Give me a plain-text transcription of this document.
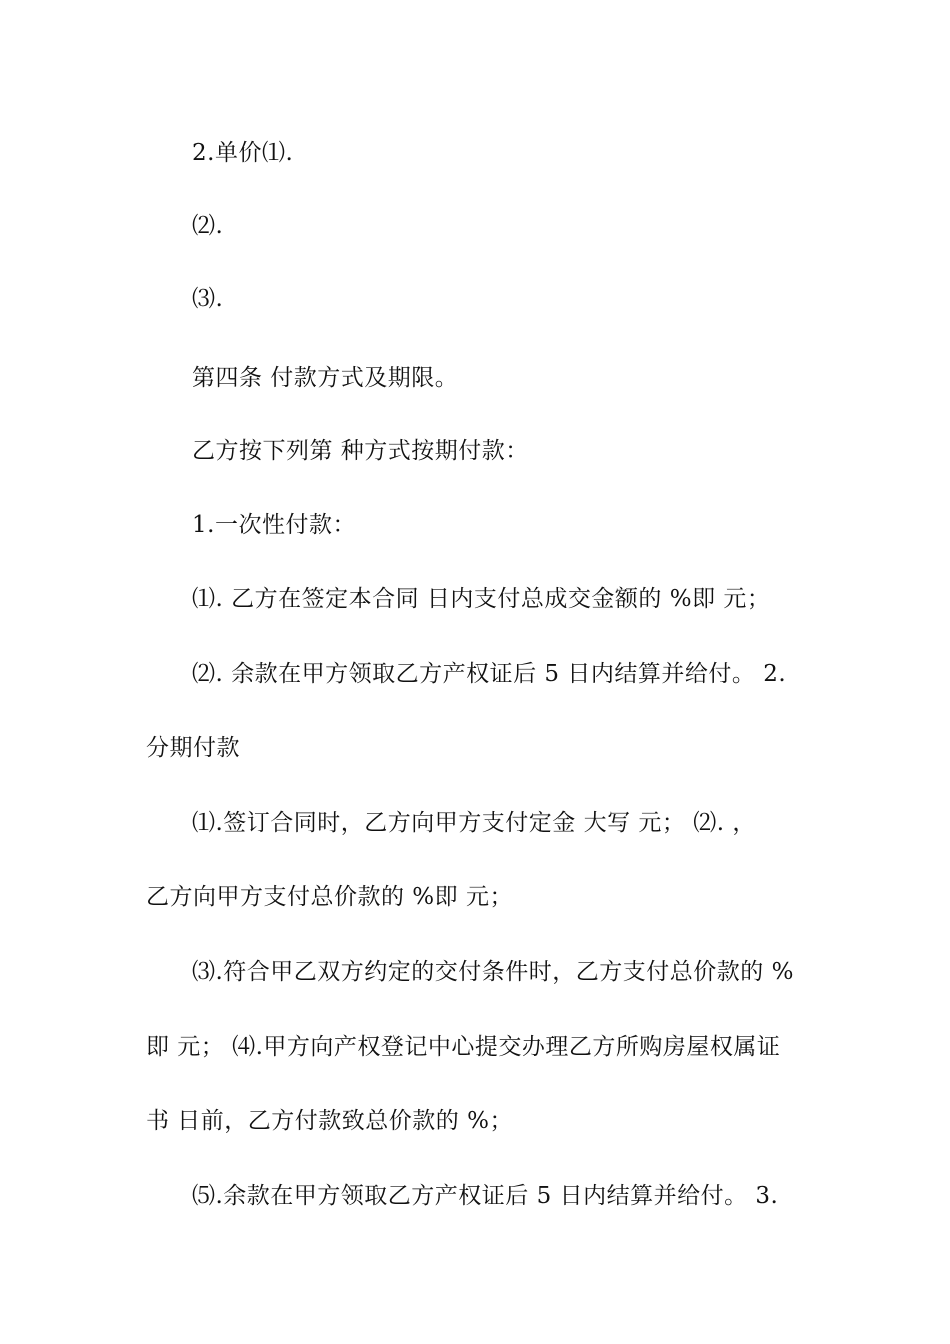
2.单价⑴.
⑵.
⑶.
第四条 付款方式及期限。
乙方按下列第 种方式按期付款：
1.一次性付款：
⑴. 乙方在签定本合同 日内支付总成交金额的 %即 元；
⑵. 余款在甲方领取乙方产权证后 5 日内结算并给付。 2.
分期付款
⑴.签订合同时，乙方向甲方支付定金 大写 元； ⑵. ，
乙方向甲方支付总价款的 %即 元；
⑶.符合甲乙双方约定的交付条件时，乙方支付总价款的 %
即 元； ⑷.甲方向产权登记中心提交办理乙方所购房屋权属证
书 日前，乙方付款致总价款的 %；
⑸.余款在甲方领取乙方产权证后 5 日内结算并给付。 3.
